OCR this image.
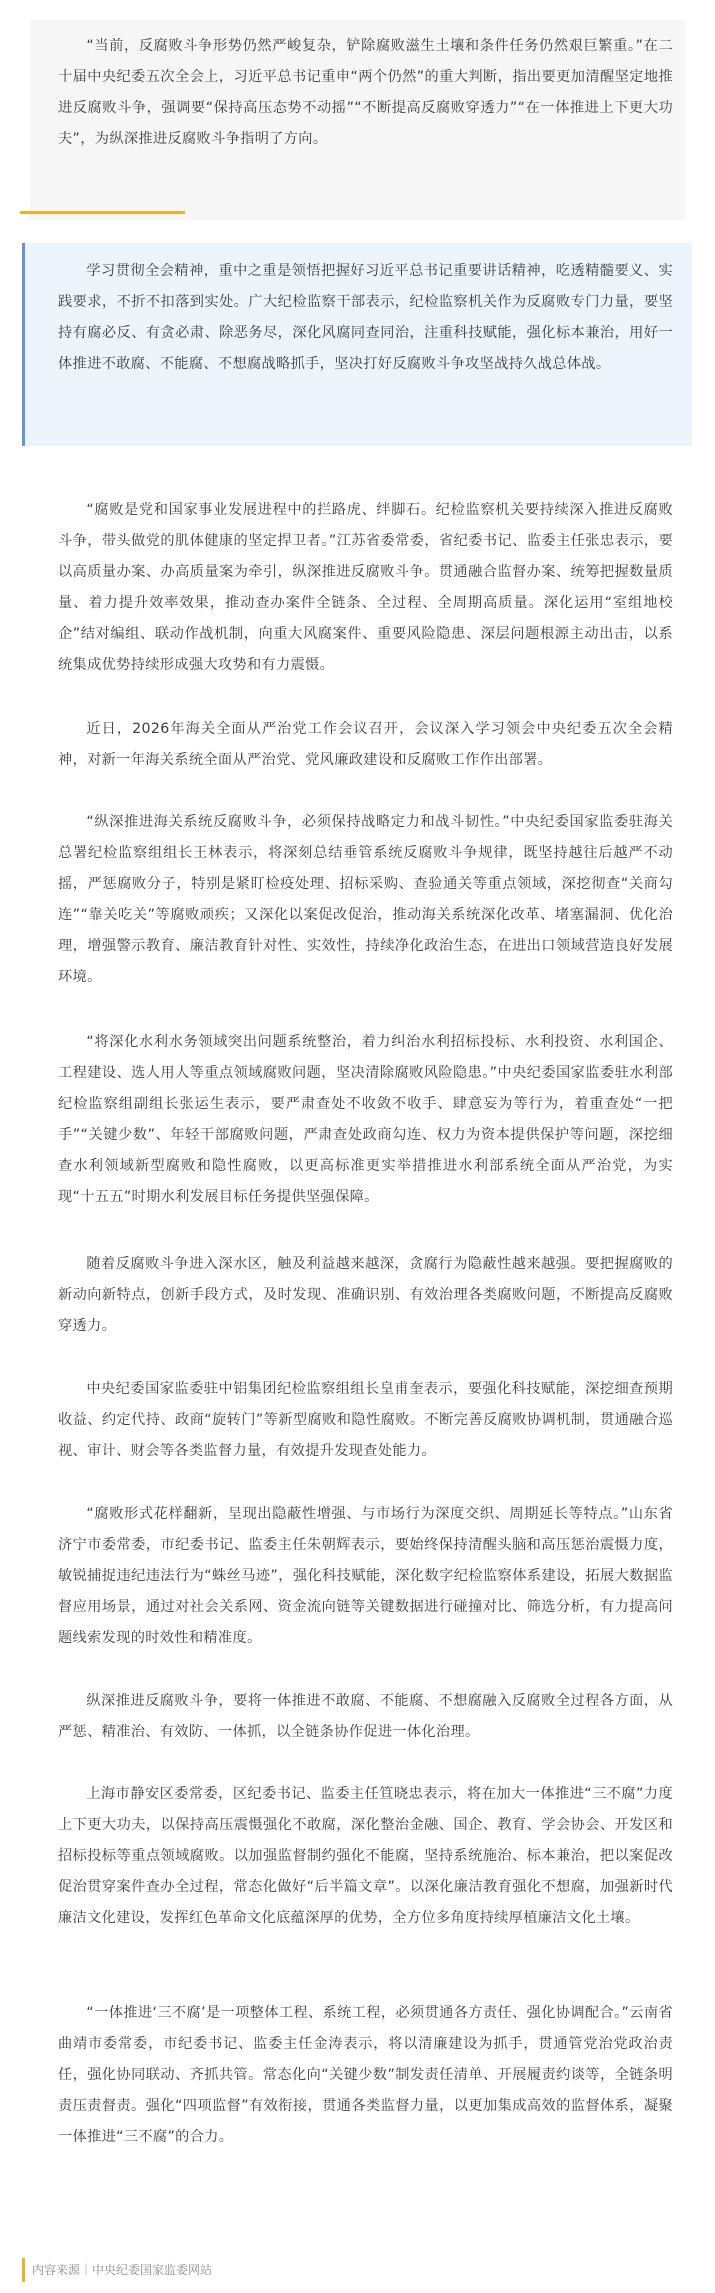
“当前，反腐败斗争形势仍然严峻复杂，铲除腐败滋生土壤和条件任务仍然艰巨繁重。”在二十届中央纪委五次全会上，习近平总书记重申“两个仍然”的重大判断，指出要更加清醒坚定地推进反腐败斗争，强调要“保持高压态势不动摇”“不断提高反腐败穿透力”“在一体推进上下更大功夫”，为纵深推进反腐败斗争指明了方向。

学习贯彻全会精神，重中之重是领悟把握好习近平总书记重要讲话精神，吃透精髓要义、实践要求，不折不扣落到实处。广大纪检监察干部表示，纪检监察机关作为反腐败专门力量，要坚持有腐必反、有贪必肃、除恶务尽，深化风腐同查同治，注重科技赋能，强化标本兼治，用好一体推进不敢腐、不能腐、不想腐战略抓手，坚决打好反腐败斗争攻坚战持久战总体战。

“腐败是党和国家事业发展进程中的拦路虎、绊脚石。纪检监察机关要持续深入推进反腐败斗争，带头做党的肌体健康的坚定捍卫者。”江苏省委常委，省纪委书记、监委主任张忠表示，要以高质量办案、办高质量案为牵引，纵深推进反腐败斗争。贯通融合监督办案、统筹把握数量质量、着力提升效率效果，推动查办案件全链条、全过程、全周期高质量。深化运用“室组地校企”结对编组、联动作战机制，向重大风腐案件、重要风险隐患、深层问题根源主动出击，以系统集成优势持续形成强大攻势和有力震慑。

近日，2026年海关全面从严治党工作会议召开，会议深入学习领会中央纪委五次全会精神，对新一年海关系统全面从严治党、党风廉政建设和反腐败工作作出部署。

“纵深推进海关系统反腐败斗争，必须保持战略定力和战斗韧性。”中央纪委国家监委驻海关总署纪检监察组组长王林表示，将深刻总结垂管系统反腐败斗争规律，既坚持越往后越严不动摇，严惩腐败分子，特别是紧盯检疫处理、招标采购、查验通关等重点领域，深挖彻查“关商勾连”“靠关吃关”等腐败顽疾；又深化以案促改促治，推动海关系统深化改革、堵塞漏洞、优化治理，增强警示教育、廉洁教育针对性、实效性，持续净化政治生态，在进出口领域营造良好发展环境。

“将深化水利水务领域突出问题系统整治，着力纠治水利招标投标、水利投资、水利国企、工程建设、选人用人等重点领域腐败问题，坚决清除腐败风险隐患。”中央纪委国家监委驻水利部纪检监察组副组长张运生表示，要严肃查处不收敛不收手、肆意妄为等行为，着重查处“一把手”“关键少数”、年轻干部腐败问题，严肃查处政商勾连、权力为资本提供保护等问题，深挖细查水利领域新型腐败和隐性腐败，以更高标准更实举措推进水利部系统全面从严治党，为实现“十五五”时期水利发展目标任务提供坚强保障。

随着反腐败斗争进入深水区，触及利益越来越深，贪腐行为隐蔽性越来越强。要把握腐败的新动向新特点，创新手段方式，及时发现、准确识别、有效治理各类腐败问题，不断提高反腐败穿透力。

中央纪委国家监委驻中铝集团纪检监察组组长皇甫奎表示，要强化科技赋能，深挖细查预期收益、约定代持、政商“旋转门”等新型腐败和隐性腐败。不断完善反腐败协调机制，贯通融合巡视、审计、财会等各类监督力量，有效提升发现查处能力。

“腐败形式花样翻新，呈现出隐蔽性增强、与市场行为深度交织、周期延长等特点。”山东省济宁市委常委，市纪委书记、监委主任朱朝辉表示，要始终保持清醒头脑和高压惩治震慑力度，敏锐捕捉违纪违法行为“蛛丝马迹”，强化科技赋能，深化数字纪检监察体系建设，拓展大数据监督应用场景，通过对社会关系网、资金流向链等关键数据进行碰撞对比、筛选分析，有力提高问题线索发现的时效性和精准度。

纵深推进反腐败斗争，要将一体推进不敢腐、不能腐、不想腐融入反腐败全过程各方面，从严惩、精准治、有效防、一体抓，以全链条协作促进一体化治理。

上海市静安区委常委，区纪委书记、监委主任笪晓忠表示，将在加大一体推进“三不腐”力度上下更大功夫，以保持高压震慑强化不敢腐，深化整治金融、国企、教育、学会协会、开发区和招标投标等重点领域腐败。以加强监督制约强化不能腐，坚持系统施治、标本兼治，把以案促改促治贯穿案件查办全过程，常态化做好“后半篇文章”。以深化廉洁教育强化不想腐，加强新时代廉洁文化建设，发挥红色革命文化底蕴深厚的优势，全方位多角度持续厚植廉洁文化土壤。

“一体推进‘三不腐’是一项整体工程、系统工程，必须贯通各方责任、强化协调配合。”云南省曲靖市委常委，市纪委书记、监委主任金涛表示，将以清廉建设为抓手，贯通管党治党政治责任，强化协同联动、齐抓共管。常态化向“关键少数”制发责任清单、开展履责约谈等，全链条明责压责督责。强化“四项监督”有效衔接，贯通各类监督力量，以更加集成高效的监督体系，凝聚一体推进“三不腐”的合力。

内容来源｜中央纪委国家监委网站
